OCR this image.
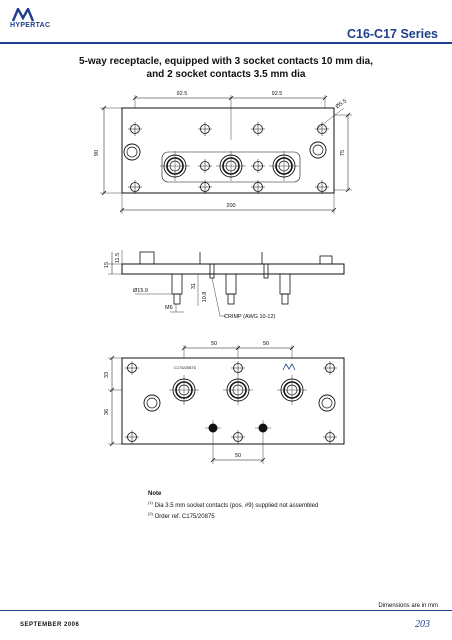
HYPERTAC
C16-C17 Series
5-way receptacle, equipped with 3 socket contacts 10 mm dia,
and 2 socket contacts 3.5 mm dia
92.5	92.5
Ø5.5
90	75
200
15
11.5
Ø15.9
31
10.8
M6
CRIMP (AWG 10-12)
50	50
33
36
C175/20875
50
Note
$^{(1)}$ Dia 3.5 mm socket contacts (pos. #9) supplied not assembled
$^{(2)}$ Order ref. C175/20875
Dimensions are in mm
SEPTEMBER 2006	203
